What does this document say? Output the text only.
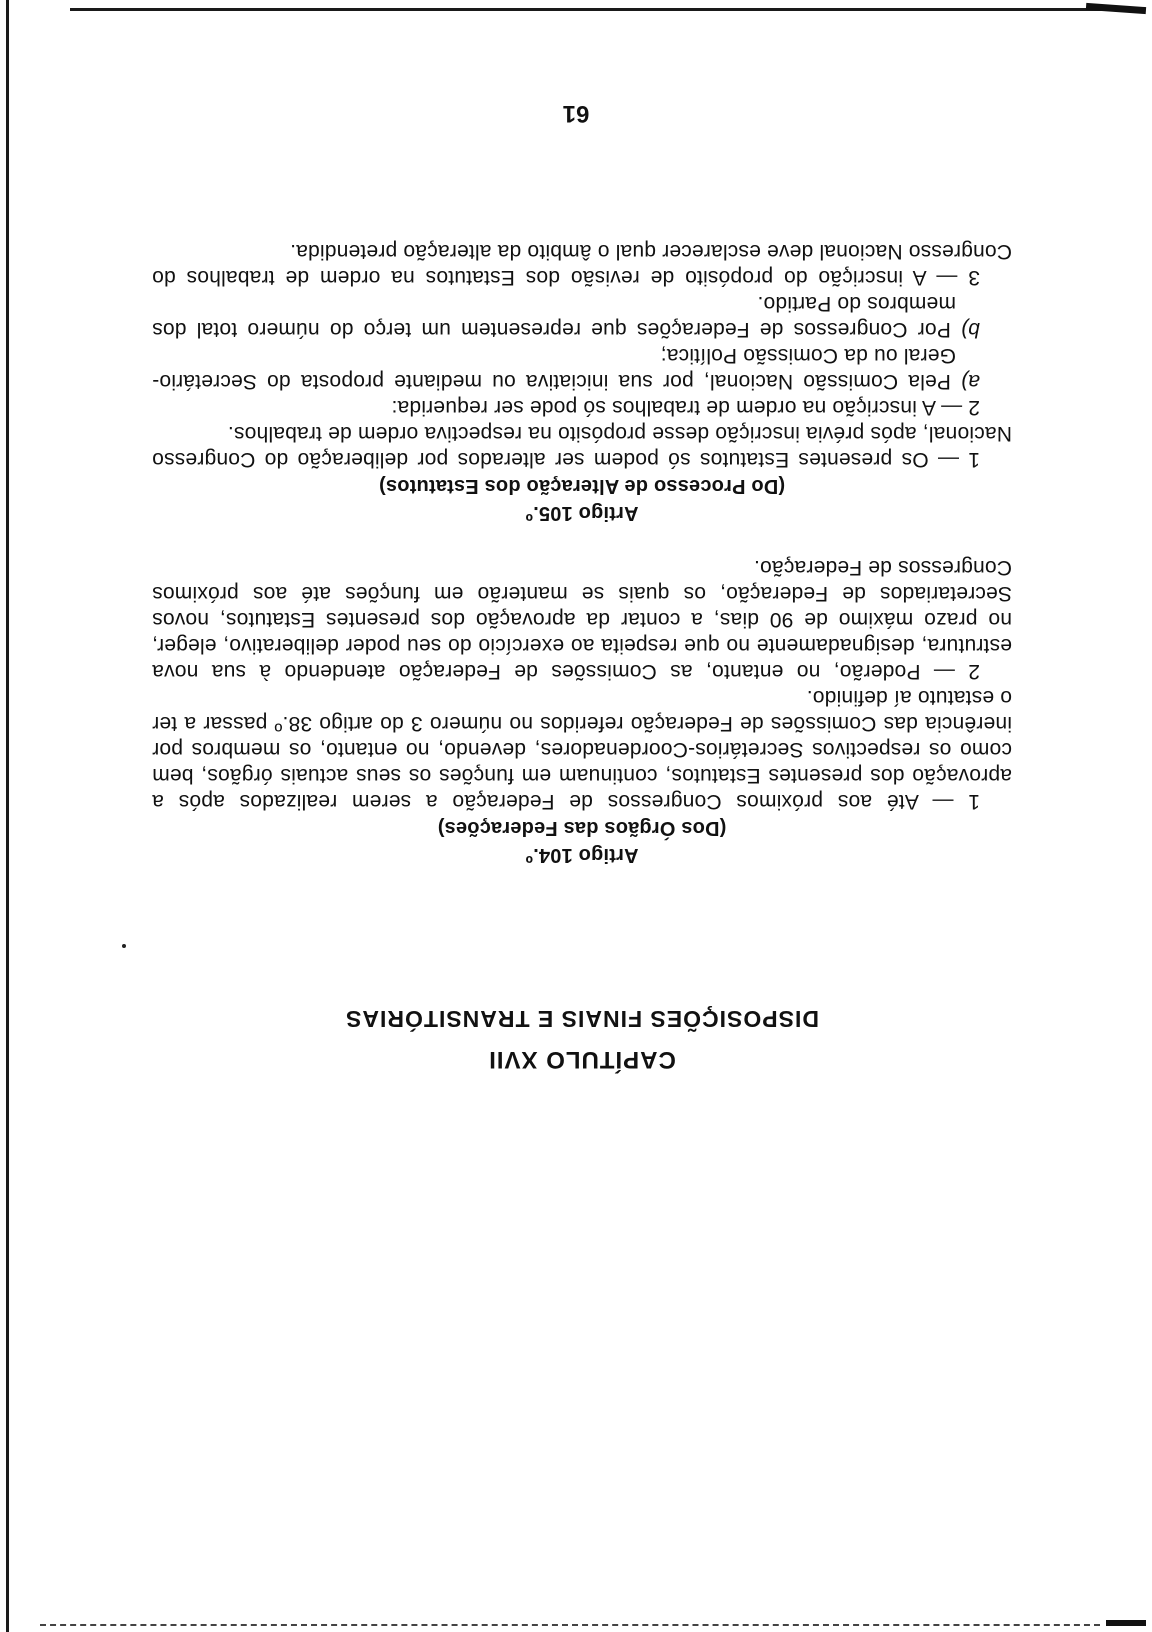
CAPÍTULO XVII
DISPOSIÇÕES FINAIS E TRANSITÓRIAS
Artigo 104.º
(Dos Órgãos das Federações)

1 — Até aos próximos Congressos de Federação a serem realizados após a aprovação dos presentes Estatutos, continuam em funções os seus actuais órgãos, bem como os respectivos Secretários-Coordenadores, devendo, no entanto, os membros por inerência das Comissões de Federação referidos no número 3 do artigo 38.º passar a ter o estatuto aí definido.

2 — Poderão, no entanto, as Comissões de Federação atendendo à sua nova estrutura, designadamente no que respeita ao exercício do seu poder deliberativo, eleger, no prazo máximo de 90 dias, a contar da aprovação dos presentes Estatutos, novos Secretariados de Federação, os quais se manterão em funções até aos próximos Congressos de Federação.

Artigo 105.º
(Do Processo de Alteração dos Estatutos)

1 — Os presentes Estatutos só podem ser alterados por deliberação do Congresso Nacional, após prévia inscrição desse propósito na respectiva ordem de trabalhos.

2 — A inscrição na ordem de trabalhos só pode ser requerida:

a) Pela Comissão Nacional, por sua iniciativa ou mediante proposta do Secretário-Geral ou da Comissão Política;

b) Por Congressos de Federações que representem um terço do número total dos membros do Partido.

3 — A inscrição do propósito de revisão dos Estatutos na ordem de trabalhos do Congresso Nacional deve esclarecer qual o âmbito da alteração pretendida.

61
